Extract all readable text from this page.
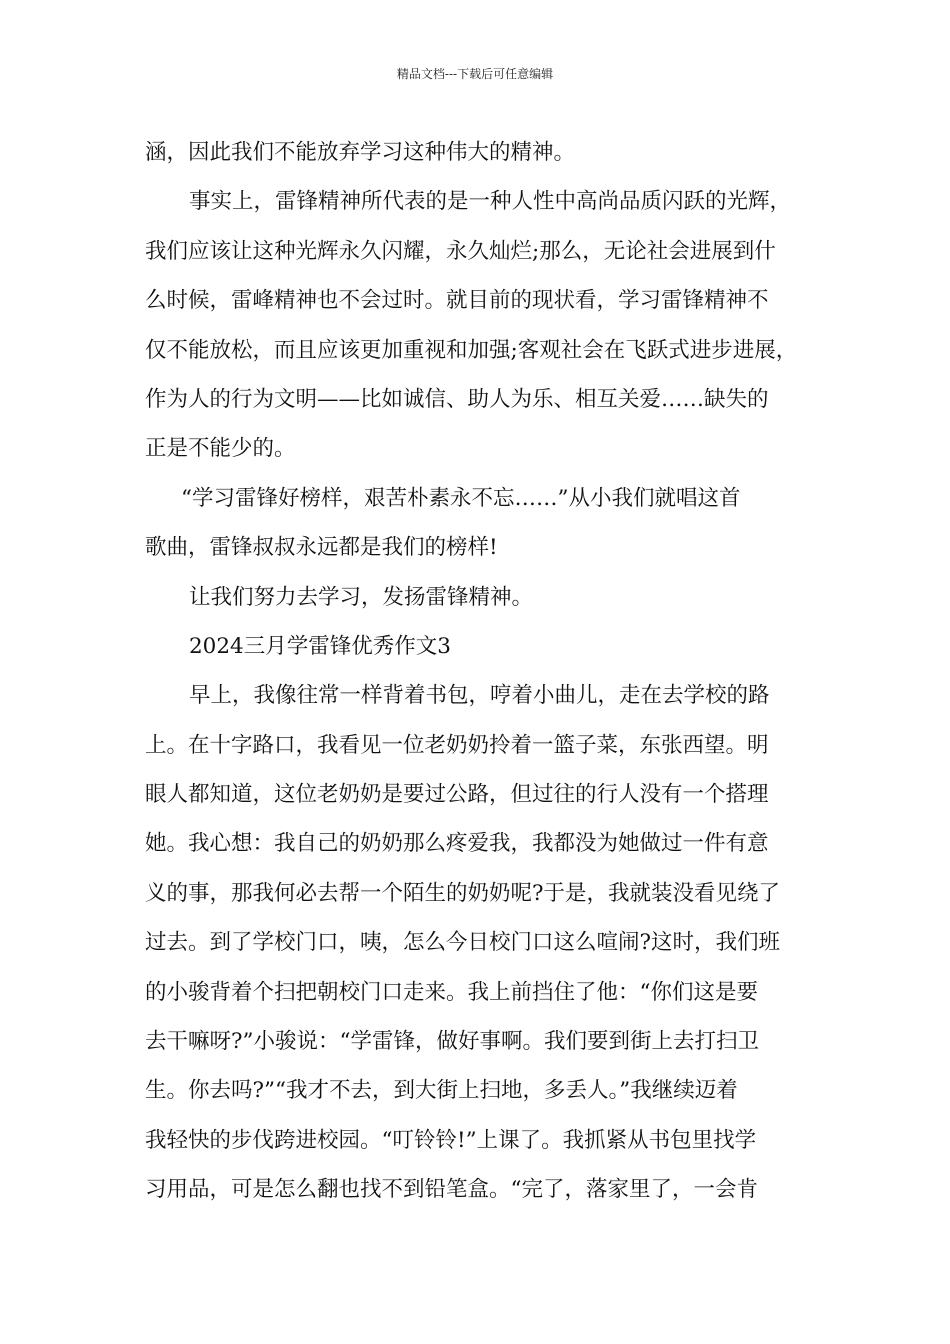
精品文档---下载后可任意编辑
涵，因此我们不能放弃学习这种伟大的精神。
事实上，雷锋精神所代表的是一种人性中高尚品质闪跃的光辉，
我们应该让这种光辉永久闪耀，永久灿烂;那么，无论社会进展到什
么时候，雷峰精神也不会过时。就目前的现状看，学习雷锋精神不
仅不能放松，而且应该更加重视和加强;客观社会在飞跃式进步进展，
作为人的行为文明——比如诚信、助人为乐、相互关爱……缺失的
正是不能少的。
“学习雷锋好榜样，艰苦朴素永不忘……”从小我们就唱这首
歌曲，雷锋叔叔永远都是我们的榜样!
让我们努力去学习，发扬雷锋精神。
2024三月学雷锋优秀作文3
早上，我像往常一样背着书包，哼着小曲儿，走在去学校的路
上。在十字路口，我看见一位老奶奶拎着一篮子菜，东张西望。明
眼人都知道，这位老奶奶是要过公路，但过往的行人没有一个搭理
她。我心想：我自己的奶奶那么疼爱我，我都没为她做过一件有意
义的事，那我何必去帮一个陌生的奶奶呢?于是，我就装没看见绕了
过去。到了学校门口，咦，怎么今日校门口这么喧闹?这时，我们班
的小骏背着个扫把朝校门口走来。我上前挡住了他：“你们这是要
去干嘛呀?”小骏说：“学雷锋，做好事啊。我们要到街上去打扫卫
生。你去吗?”“我才不去，到大街上扫地，多丢人。”我继续迈着
我轻快的步伐跨进校园。“叮铃铃!”上课了。我抓紧从书包里找学
习用品，可是怎么翻也找不到铅笔盒。“完了，落家里了，一会肯
